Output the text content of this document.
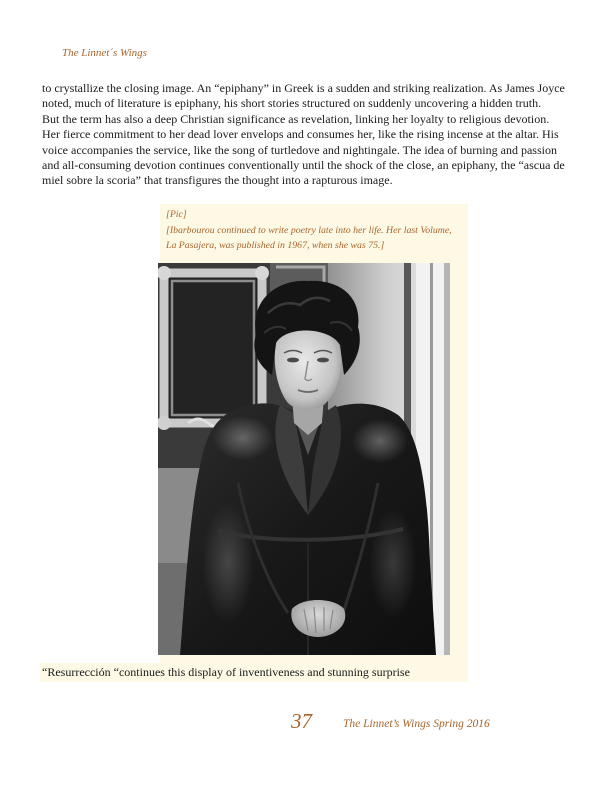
The Linnet´s Wings
to crystallize the closing image. An “epiphany” in Greek is a sudden and striking realization. As James Joyce
noted, much of literature is epiphany, his short stories structured on suddenly uncovering a hidden truth.
But the term has also a deep Christian significance as revelation, linking her loyalty to religious devotion.
Her fierce commitment to her dead lover envelops and consumes her, like the rising incense at the altar. His
voice accompanies the service, like the song of turtledove and nightingale. The idea of burning and passion
and all-consuming devotion continues conventionally until the shock of the close, an epiphany, the “ascua de
miel sobre la scoria” that transfigures the thought into a rapturous image.
[Pic]
[Ibarbourou continued to write poetry late into her life. Her last Volume,
La Pasajera, was published in 1967, when she was 75.]
“Resurrección “continues this display of inventiveness and stunning surprise
37	The Linnet’s Wings Spring 2016
